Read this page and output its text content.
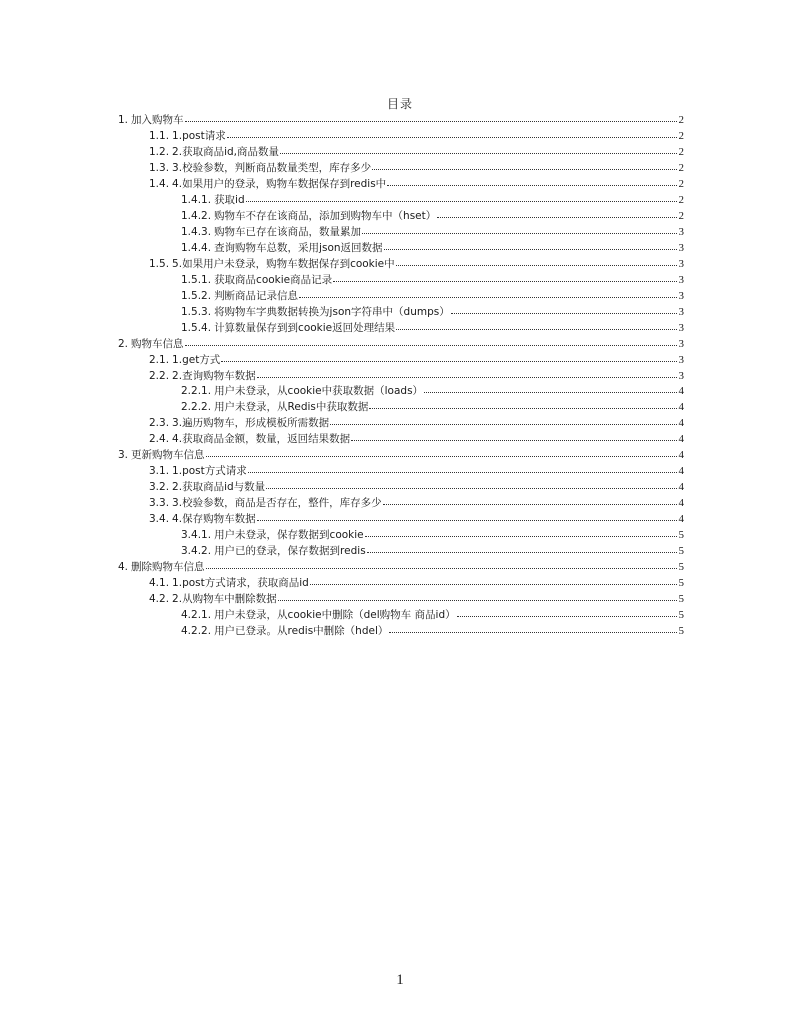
目录
1. 加入购物车	2
1.1. 1.post请求	2
1.2. 2.获取商品id,商品数量	2
1.3. 3.校验参数，判断商品数量类型，库存多少	2
1.4. 4.如果用户的登录，购物车数据保存到redis中	2
1.4.1. 获取id	2
1.4.2. 购物车不存在该商品，添加到购物车中（hset）	2
1.4.3. 购物车已存在该商品，数量累加	3
1.4.4. 查询购物车总数，采用json返回数据	3
1.5. 5.如果用户未登录，购物车数据保存到cookie中	3
1.5.1. 获取商品cookie商品记录	3
1.5.2. 判断商品记录信息	3
1.5.3. 将购物车字典数据转换为json字符串中（dumps）	3
1.5.4. 计算数量保存到到cookie返回处理结果	3
2. 购物车信息	3
2.1. 1.get方式	3
2.2. 2.查询购物车数据	3
2.2.1. 用户未登录，从cookie中获取数据（loads）	4
2.2.2. 用户未登录，从Redis中获取数据	4
2.3. 3.遍历购物车，形成模板所需数据	4
2.4. 4.获取商品金额，数量，返回结果数据	4
3. 更新购物车信息	4
3.1. 1.post方式请求	4
3.2. 2.获取商品id与数量	4
3.3. 3.校验参数，商品是否存在，整件，库存多少	4
3.4. 4.保存购物车数据	4
3.4.1. 用户未登录，保存数据到cookie	5
3.4.2. 用户已的登录，保存数据到redis	5
4. 删除购物车信息	5
4.1. 1.post方式请求，获取商品id	5
4.2. 2.从购物车中删除数据	5
4.2.1. 用户未登录，从cookie中删除（del购物车 商品id）	5
4.2.2. 用户已登录。从redis中删除（hdel）	5
1
